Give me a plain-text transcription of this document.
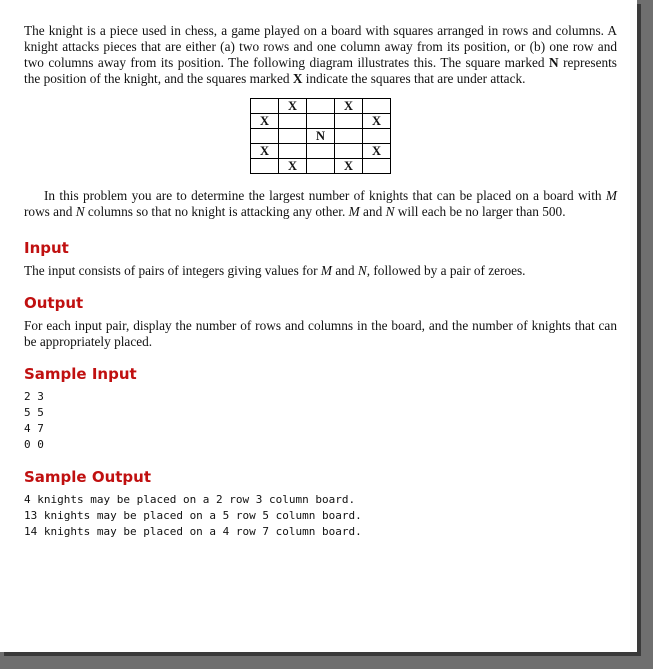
The knight is a piece used in chess, a game played on a board with squares arranged in rows and columns. A knight attacks pieces that are either (a) two rows and one column away from its position, or (b) one row and two columns away from its position. The following diagram illustrates this. The square marked N represents the position of the knight, and the squares marked X indicate the squares that are under attack.

	X		X	
X				X
		N		
X				X
	X		X	

In this problem you are to determine the largest number of knights that can be placed on a board with M rows and N columns so that no knight is attacking any other. M and N will each be no larger than 500.

Input

The input consists of pairs of integers giving values for M and N, followed by a pair of zeroes.

Output

For each input pair, display the number of rows and columns in the board, and the number of knights that can be appropriately placed.

Sample Input
2 3
5 5
4 7
0 0
Sample Output
4 knights may be placed on a 2 row 3 column board.
13 knights may be placed on a 5 row 5 column board.
14 knights may be placed on a 4 row 7 column board.
